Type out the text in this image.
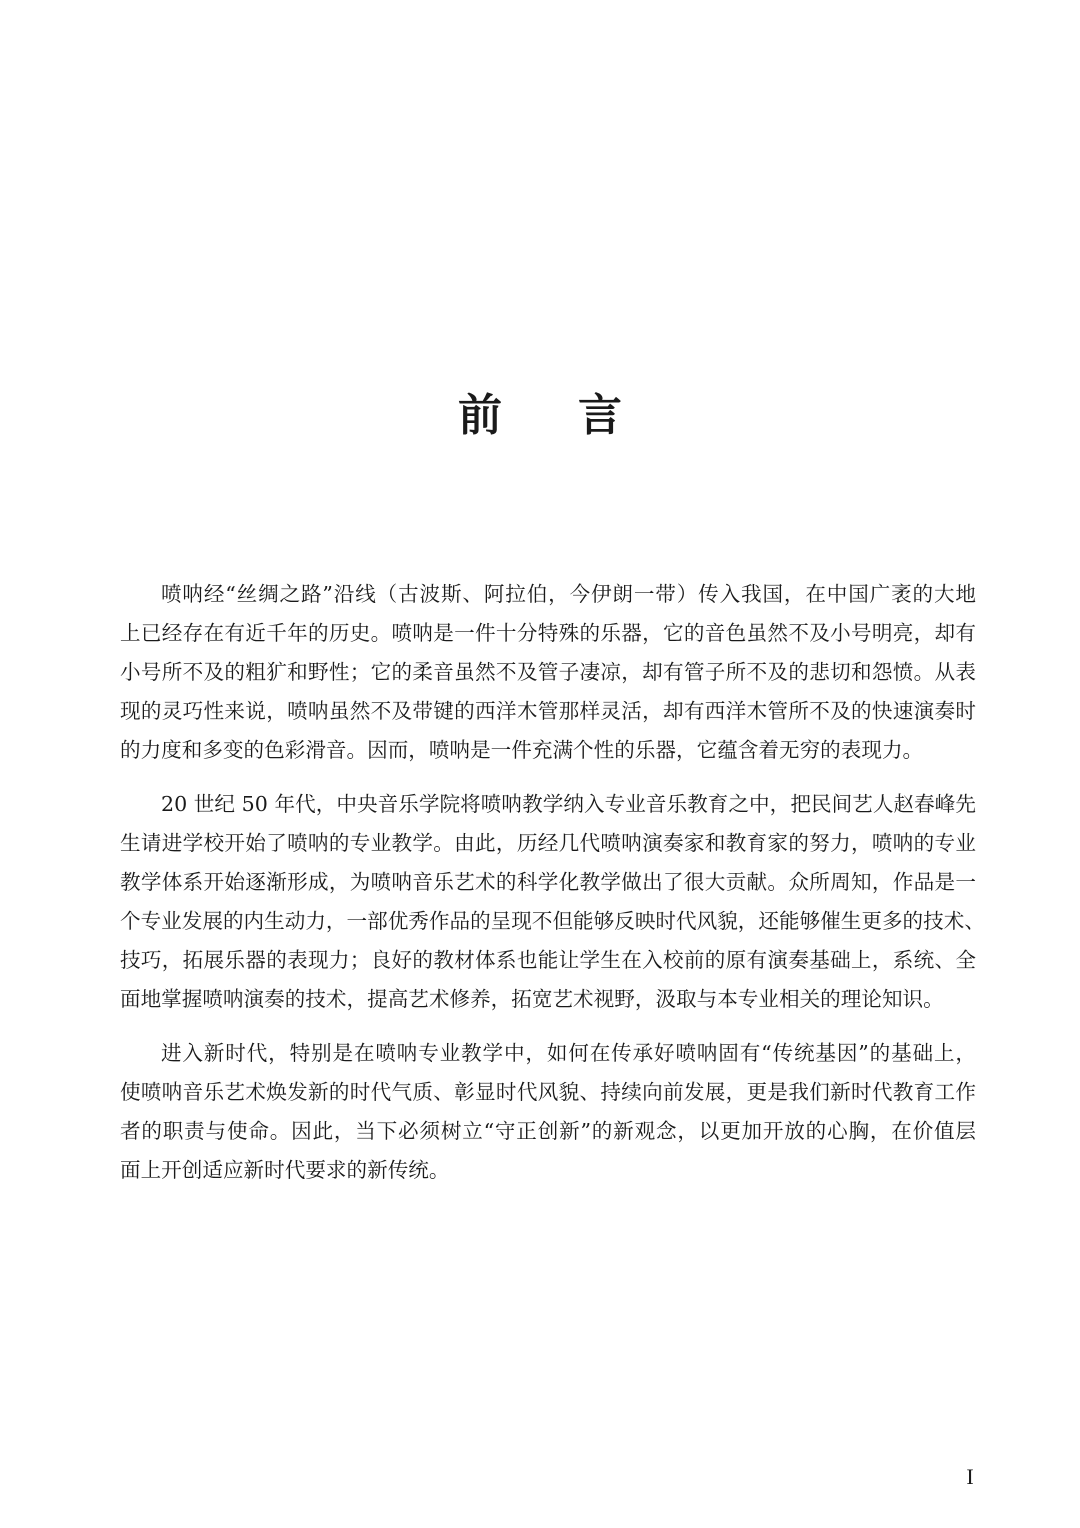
前 言
喷呐经“丝绸之路”沿线（古波斯、阿拉伯，今伊朗一带）传入我国，在中国广袤的大地
上已经存在有近千年的历史。喷呐是一件十分特殊的乐器，它的音色虽然不及小号明亮，却有
小号所不及的粗犷和野性；它的柔音虽然不及管子凄凉，却有管子所不及的悲切和怨愤。从表
现的灵巧性来说，喷呐虽然不及带键的西洋木管那样灵活，却有西洋木管所不及的快速演奏时
的力度和多变的色彩滑音。因而，喷呐是一件充满个性的乐器，它蕴含着无穷的表现力。
20 世纪 50 年代，中央音乐学院将喷呐教学纳入专业音乐教育之中，把民间艺人赵春峰先
生请进学校开始了喷呐的专业教学。由此，历经几代喷呐演奏家和教育家的努力，喷呐的专业
教学体系开始逐渐形成，为喷呐音乐艺术的科学化教学做出了很大贡献。众所周知，作品是一
个专业发展的内生动力，一部优秀作品的呈现不但能够反映时代风貌，还能够催生更多的技术、
技巧，拓展乐器的表现力；良好的教材体系也能让学生在入校前的原有演奏基础上，系统、全
面地掌握喷呐演奏的技术，提高艺术修养，拓宽艺术视野，汲取与本专业相关的理论知识。
进入新时代，特别是在喷呐专业教学中，如何在传承好喷呐固有“传统基因”的基础上，
使喷呐音乐艺术焕发新的时代气质、彰显时代风貌、持续向前发展，更是我们新时代教育工作
者的职责与使命。因此，当下必须树立“守正创新”的新观念，以更加开放的心胸，在价值层
面上开创适应新时代要求的新传统。
I
